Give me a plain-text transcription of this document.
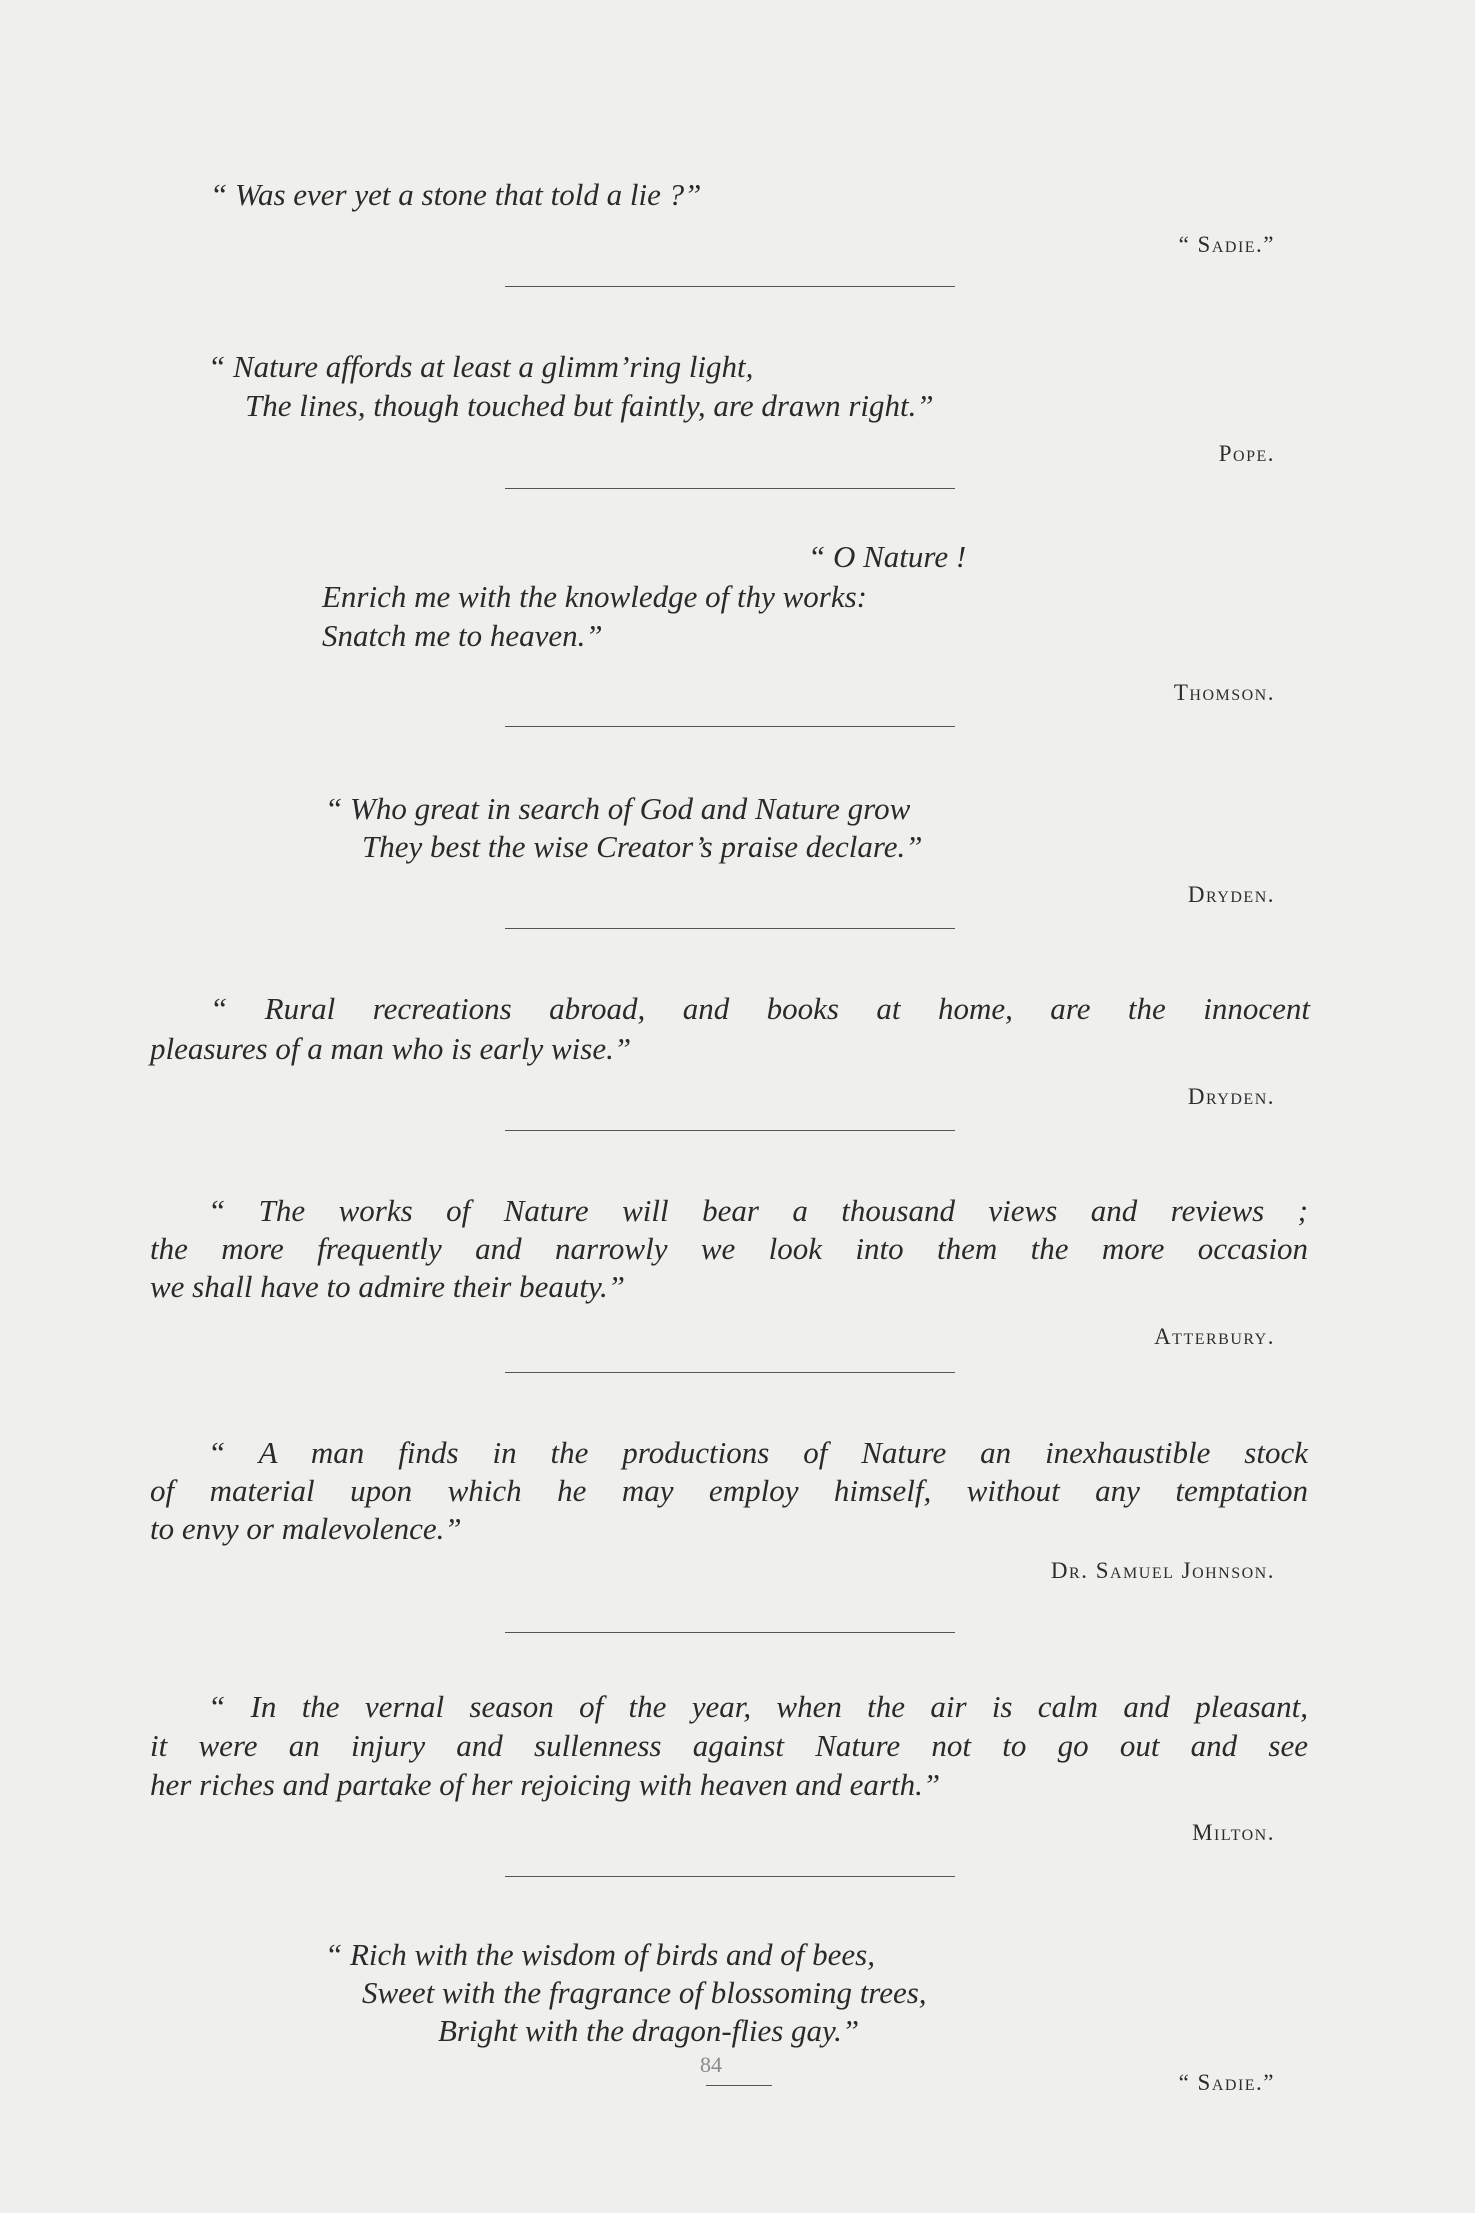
“ Was ever yet a stone that told a lie ?”
“ Sadie.”
“ Nature affords at least a glimm’ring light,
The lines, though touched but faintly, are drawn right.”
Pope.
“ O Nature !
Enrich me with the knowledge of thy works:
Snatch me to heaven.”
Thomson.
“ Who great in search of God and Nature grow
They best the wise Creator’s praise declare.”
Dryden.
“ Rural recreations abroad, and books at home, are the innocent
pleasures of a man who is early wise.”
Dryden.
“ The works of Nature will bear a thousand views and reviews ;
the more frequently and narrowly we look into them the more occasion
we shall have to admire their beauty.”
Atterbury.
“ A man finds in the productions of Nature an inexhaustible stock
of material upon which he may employ himself, without any temptation
to envy or malevolence.”
Dr. Samuel Johnson.
“ In the vernal season of the year, when the air is calm and pleasant,
it were an injury and sullenness against Nature not to go out and see
her riches and partake of her rejoicing with heaven and earth.”
Milton.
“ Rich with the wisdom of birds and of bees,
Sweet with the fragrance of blossoming trees,
Bright with the dragon-flies gay.”
“ Sadie.”
84
